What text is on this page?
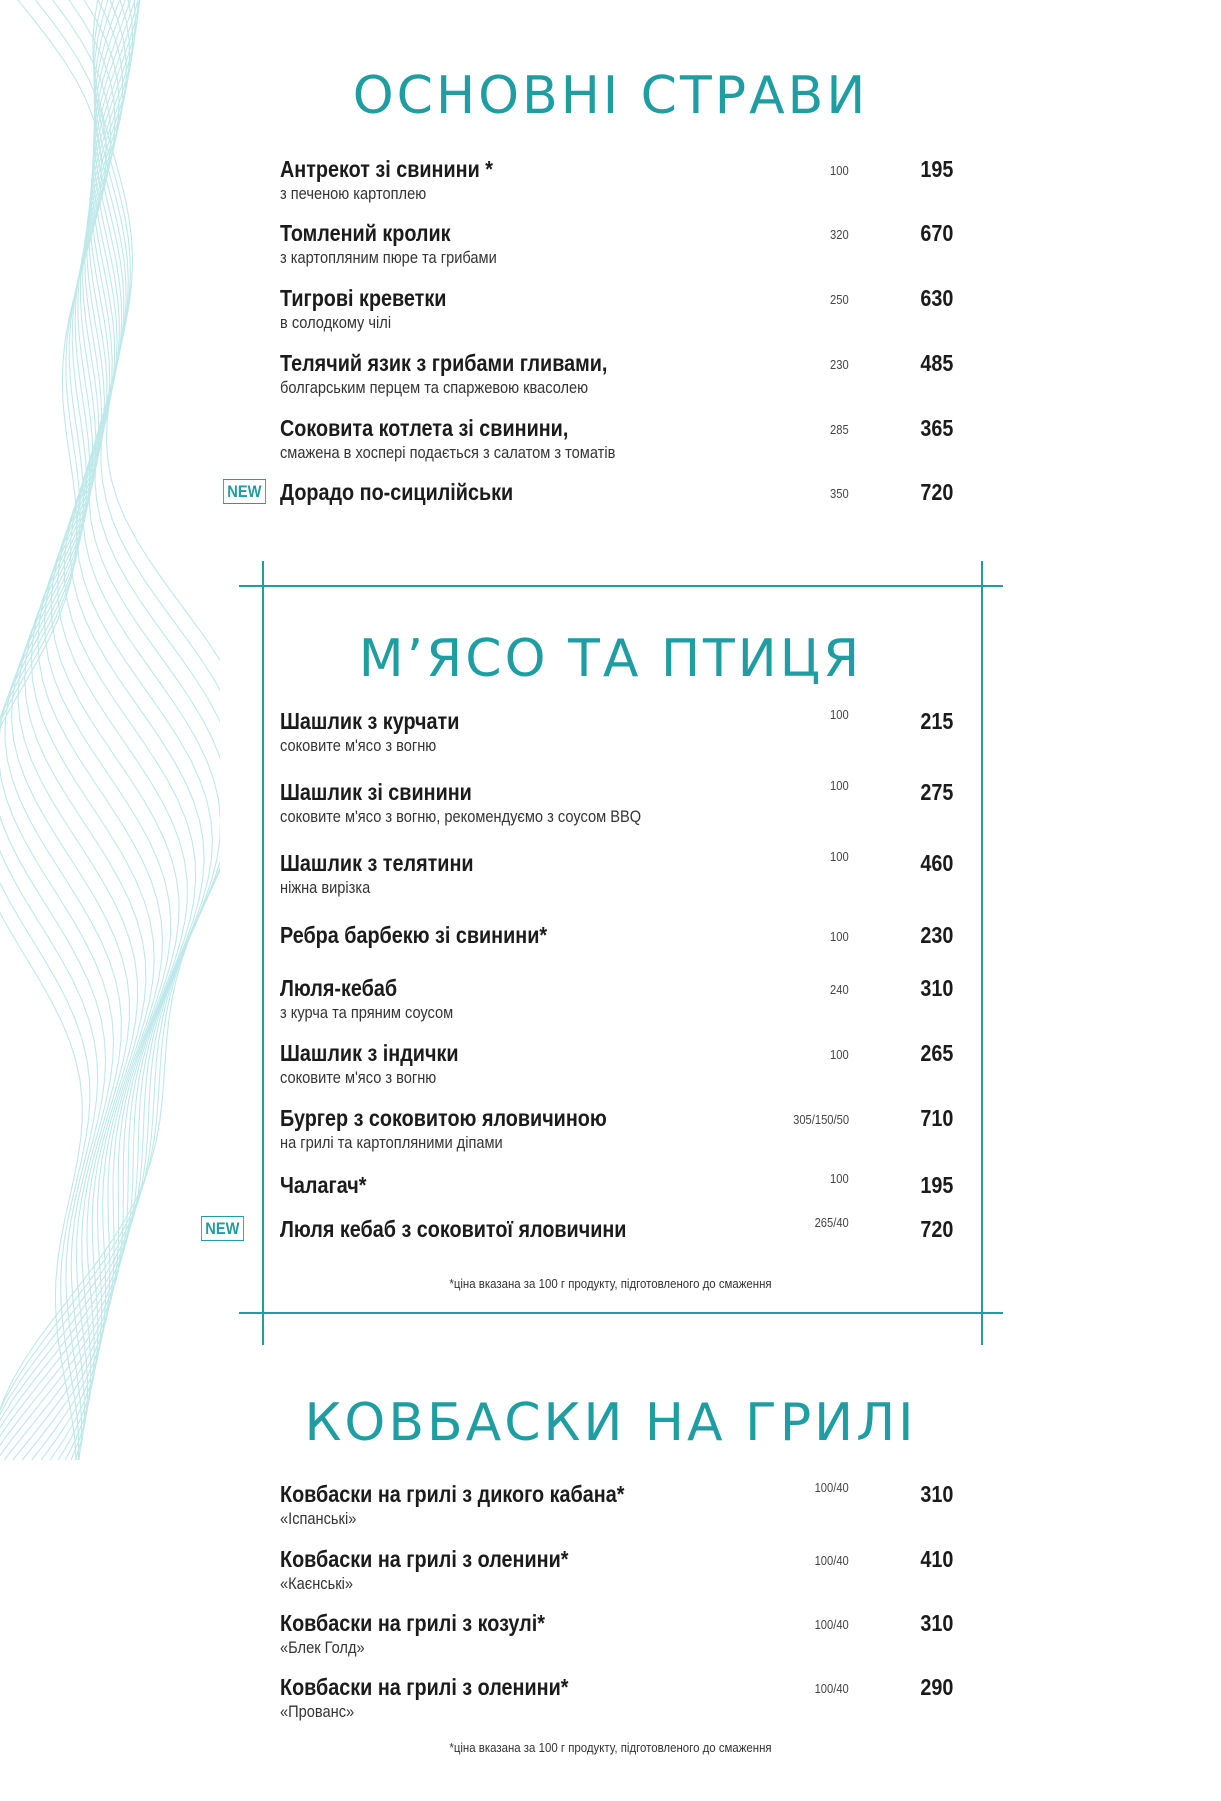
ОСНОВНІ СТРАВИ
Антрекот зі свинини *
з печеною картоплею
100	195
Томлений кролик
з картопляним пюре та грибами
320	670
Тигрові креветки
в солодкому чілі
250	630
Телячий язик з грибами гливами,
болгарським перцем та спаржевою квасолею
230	485
Соковита котлета зі свинини,
смажена в хоспері подається з салатом з томатів
285	365
NEW Дорадо по-сицилійськи	350	720
М’ЯСО ТА ПТИЦЯ
Шашлик з курчати
соковите м'ясо з вогню
100	215
Шашлик зі свинини
соковите м'ясо з вогню, рекомендуємо з соусом BBQ
100	275
Шашлик з телятини
ніжна вирізка
100	460
Ребра барбекю зі свинини*	100	230
Люля-кебаб
з курча та пряним соусом
240	310
Шашлик з індички
соковите м'ясо з вогню
100	265
Бургер з соковитою яловичиною
на грилі та картопляними діпами
305/150/50	710
Чалагач*	100	195
NEW Люля кебаб з соковитої яловичини	265/40	720
*ціна вказана за 100 г продукту, підготовленого до смаження
КОВБАСКИ НА ГРИЛІ
Ковбаски на грилі з дикого кабана*
«Іспанські»
100/40	310
Ковбаски на грилі з оленини*
«Каєнські»
100/40	410
Ковбаски на грилі з козулі*
«Блек Голд»
100/40	310
Ковбаски на грилі з оленини*
«Прованс»
100/40	290
*ціна вказана за 100 г продукту, підготовленого до смаження
